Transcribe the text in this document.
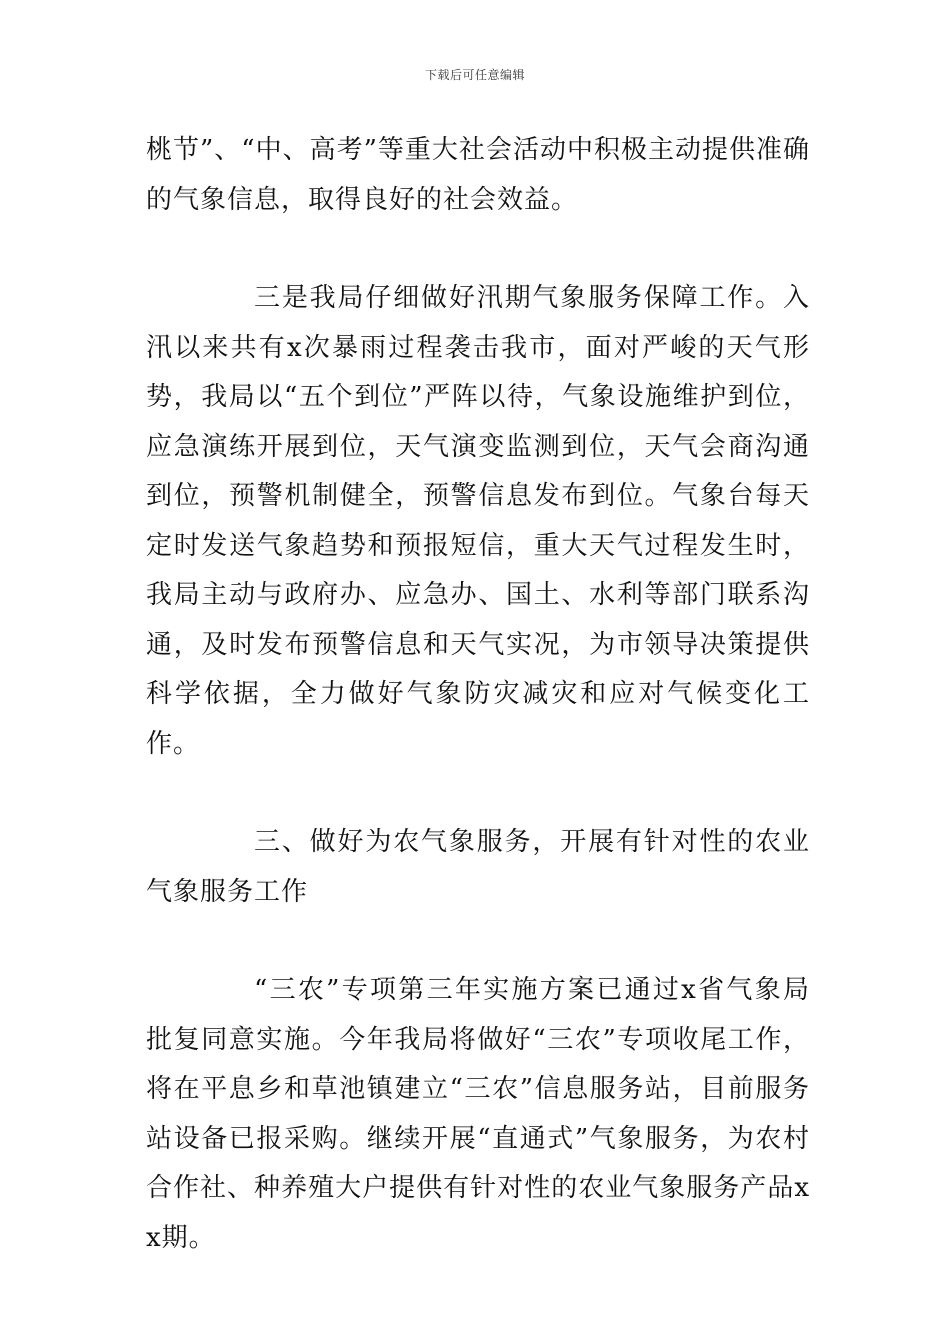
下载后可任意编辑

桃节”、“中、高考”等重大社会活动中积极主动提供准确的气象信息，取得良好的社会效益。

三是我局仔细做好汛期气象服务保障工作。入汛以来共有x次暴雨过程袭击我市，面对严峻的天气形势，我局以“五个到位”严阵以待，气象设施维护到位，应急演练开展到位，天气演变监测到位，天气会商沟通到位，预警机制健全，预警信息发布到位。气象台每天定时发送气象趋势和预报短信，重大天气过程发生时，我局主动与政府办、应急办、国土、水利等部门联系沟通，及时发布预警信息和天气实况，为市领导决策提供科学依据，全力做好气象防灾减灾和应对气候变化工作。

三、做好为农气象服务，开展有针对性的农业气象服务工作

“三农”专项第三年实施方案已通过x省气象局批复同意实施。今年我局将做好“三农”专项收尾工作，将在平息乡和草池镇建立“三农”信息服务站，目前服务站设备已报采购。继续开展“直通式”气象服务，为农村合作社、种养殖大户提供有针对性的农业气象服务产品xx期。
